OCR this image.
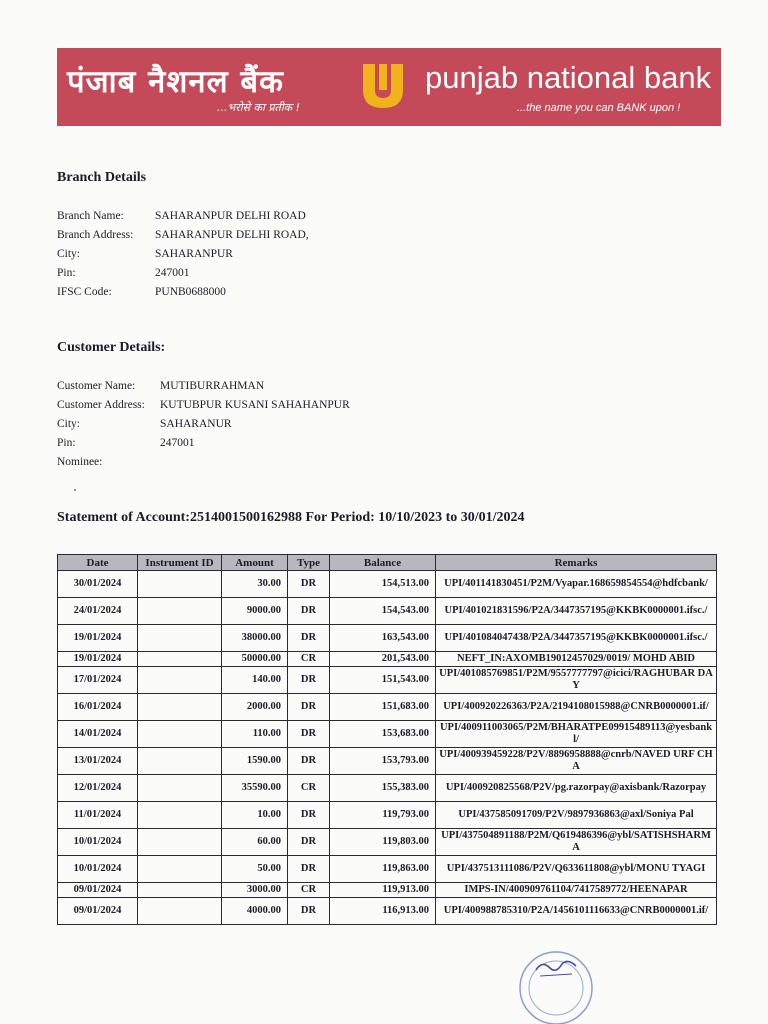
पंजाब नैशनल बैंक
...भरोसे का प्रतीक !
punjab national bank
...the name you can BANK upon !
Branch Details
Branch Name:	SAHARANPUR DELHI ROAD
Branch Address: SAHARANPUR DELHI ROAD,
City:	SAHARANPUR
Pin:	247001
IFSC Code:	PUNB0688000
Customer Details:
Customer Name: MUTIBURRAHMAN
Customer Address: KUTUBPUR KUSANI SAHAHANPUR
City:	SAHARANUR
Pin:	247001
Nominee:
Statement of Account:2514001500162988 For Period: 10/10/2023 to 30/01/2024
Date	Instrument ID	Amount	Type	Balance	Remarks
30/01/2024		30.00	DR	154,513.00	UPI/401141830451/P2M/Vyapar.168659854554@hdfcbank/
24/01/2024		9000.00	DR	154,543.00	UPI/401021831596/P2A/3447357195@KKBK0000001.ifsc./
19/01/2024		38000.00	DR	163,543.00	UPI/401084047438/P2A/3447357195@KKBK0000001.ifsc./
19/01/2024		50000.00	CR	201,543.00	NEFT_IN:AXOMB19012457029/0019/ MOHD ABID
17/01/2024		140.00	DR	151,543.00	UPI/401085769851/P2M/9557777797@icici/RAGHUBAR DAY
16/01/2024		2000.00	DR	151,683.00	UPI/400920226363/P2A/2194108015988@CNRB0000001.if/
14/01/2024		110.00	DR	153,683.00	UPI/400911003065/P2M/BHARATPE09915489113@yesbankl/
13/01/2024		1590.00	DR	153,793.00	UPI/400939459228/P2V/8896958888@cnrb/NAVED URF CHA
12/01/2024		35590.00	CR	155,383.00	UPI/400920825568/P2V/pg.razorpay@axisbank/Razorpay
11/01/2024		10.00	DR	119,793.00	UPI/437585091709/P2V/9897936863@axl/Soniya Pal
10/01/2024		60.00	DR	119,803.00	UPI/437504891188/P2M/Q619486396@ybl/SATISHSHARMA
10/01/2024		50.00	DR	119,863.00	UPI/437513111086/P2V/Q633611808@ybl/MONU TYAGI
09/01/2024		3000.00	CR	119,913.00	IMPS-IN/400909761104/7417589772/HEENAPAR
09/01/2024		4000.00	DR	116,913.00	UPI/400988785310/P2A/1456101116633@CNRB0000001.if/
